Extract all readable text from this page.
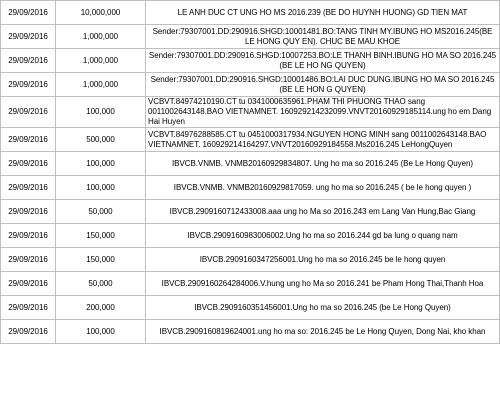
29/09/2016	10,000,000	LE ANH DUC CT UNG HO MS 2016.239 (BE DO HUYNH HUONG) GD TIEN MAT
29/09/2016	1,000,000	Sender:79307001.DD:290916.SHGD:10001481.BO:TANG TINH MY.IBUNG HO MS2016.245(BE LE HONG QUY EN). CHUC BE MAU KHOE
29/09/2016	1,000,000	Sender:79307001.DD:290916.SHGD:10007253.BO:LE THANH BINH.IBUNG HO MA SO 2016.245 (BE LE HO NG QUYEN)
29/09/2016	1,000,000	Sender:79307001.DD:290916.SHGD:10001486.BO:LAI DUC DUNG.IBUNG HO MA SO 2016.245 (BE LE HON G QUYEN)
29/09/2016	100,000	VCBVT.84974210190.CT tu 0341000635961.PHAM THI PHUONG THAO sang 0011002643148.BAO VIETNAMNET. 160929214232099.VNVT20160929185114.ung ho em Dang Hai Huyen
29/09/2016	500,000	VCBVT.84976288585.CT tu 0451000317934.NGUYEN HONG MINH sang 0011002643148.BAO VIETNAMNET. 160929214164297.VNVT20160929184558.Ms2016.245 LeHongQuyen
29/09/2016	100,000	IBVCB.VNMB. VNMB20160929834807. Ung ho ma so 2016.245 (Be Le Hong Quyen)
29/09/2016	100,000	IBVCB.VNMB. VNMB20160929817059. ung ho ma so 2016.245 ( be le hong quyen )
29/09/2016	50,000	IBVCB.2909160712433008.aaa ung ho Ma so 2016.243 em Lang Van Hung,Bac Giang
29/09/2016	150,000	IBVCB.2909160983006002.Ung ho ma so 2016.244 gd ba lung o quang nam
29/09/2016	150,000	IBVCB.2909160347256001.Ung ho ma so 2016.245 be le hong quyen
29/09/2016	50,000	IBVCB.2909160264284006.V.hung ung ho Ma so 2016.241 be Pham Hong Thai,Thanh Hoa
29/09/2016	200,000	IBVCB.2909160351456001.Ung ho ma so 2016.245 (be Le Hong Quyen)
29/09/2016	100,000	IBVCB.2909160819624001.ung ho ma so: 2016.245 be Le Hong Quyen, Dong Nai, kho khan
